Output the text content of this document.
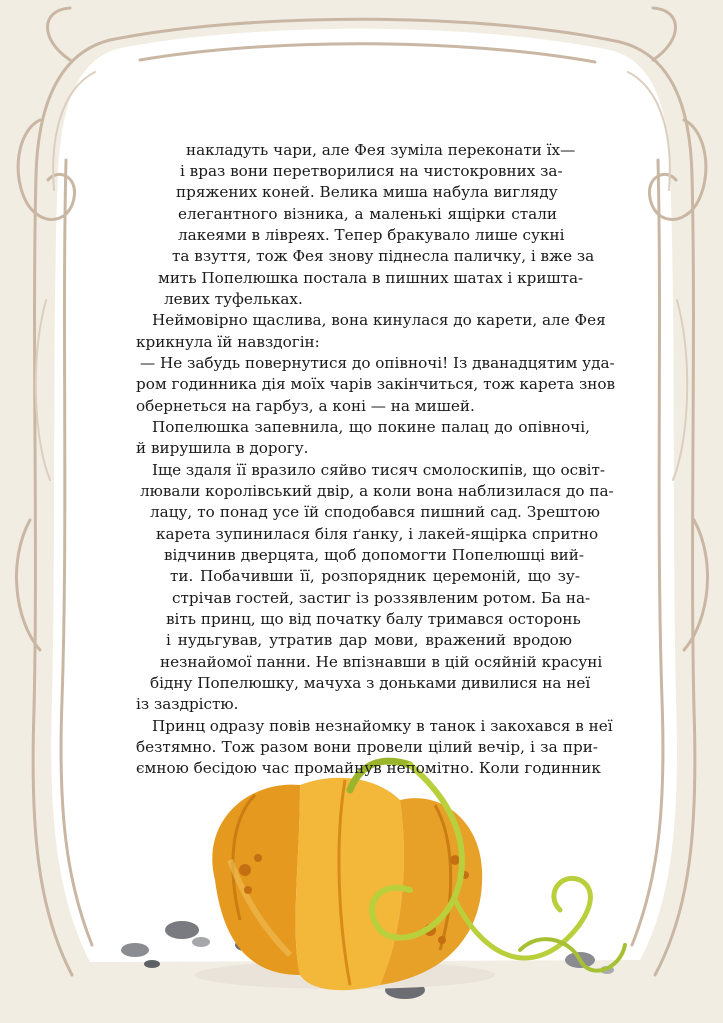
накладуть чари, але Фея зуміла переконати їх—
і враз вони перетворилися на чистокровних за-
пряжених коней. Велика миша набула вигляду
елегантного візника, а маленькі ящірки стали
лакеями в лівреях. Тепер бракувало лише сукні
та взуття, тож Фея знову піднесла паличку, і вже за
мить Попелюшка постала в пишних шатах і кришта-
левих туфельках.
Неймовірно щаслива, вона кинулася до карети, але Фея
крикнула їй навздогін:
— Не забудь повернутися до опівночі! Із дванадцятим уда-
ром годинника дія моїх чарів закінчиться, тож карета знов
обернеться на гарбуз, а коні — на мишей.
Попелюшка запевнила, що покине палац до опівночі,
й вирушила в дорогу.
Іще здаля її вразило сяйво тисяч смолоскипів, що освіт-
лювали королівський двір, а коли вона наблизилася до па-
лацу, то понад усе їй сподобався пишний сад. Зрештою
карета зупинилася біля ґанку, і лакей-ящірка спритно
відчинив дверцята, щоб допомогти Попелюшці вий-
ти. Побачивши її, розпорядник церемоній, що зу-
стрічав гостей, застиг із роззявленим ротом. Ба на-
віть принц, що від початку балу тримався осторонь
і нудьгував, утратив дар мови, вражений вродою
незнайомої панни. Не впізнавши в цій осяйній красуні
бідну Попелюшку, мачуха з доньками дивилися на неї
із заздрістю.
Принц одразу повів незнайомку в танок і закохався в неї
безтямно. Тож разом вони провели цілий вечір, і за при-
ємною бесідою час промайнув непомітно. Коли годинник
